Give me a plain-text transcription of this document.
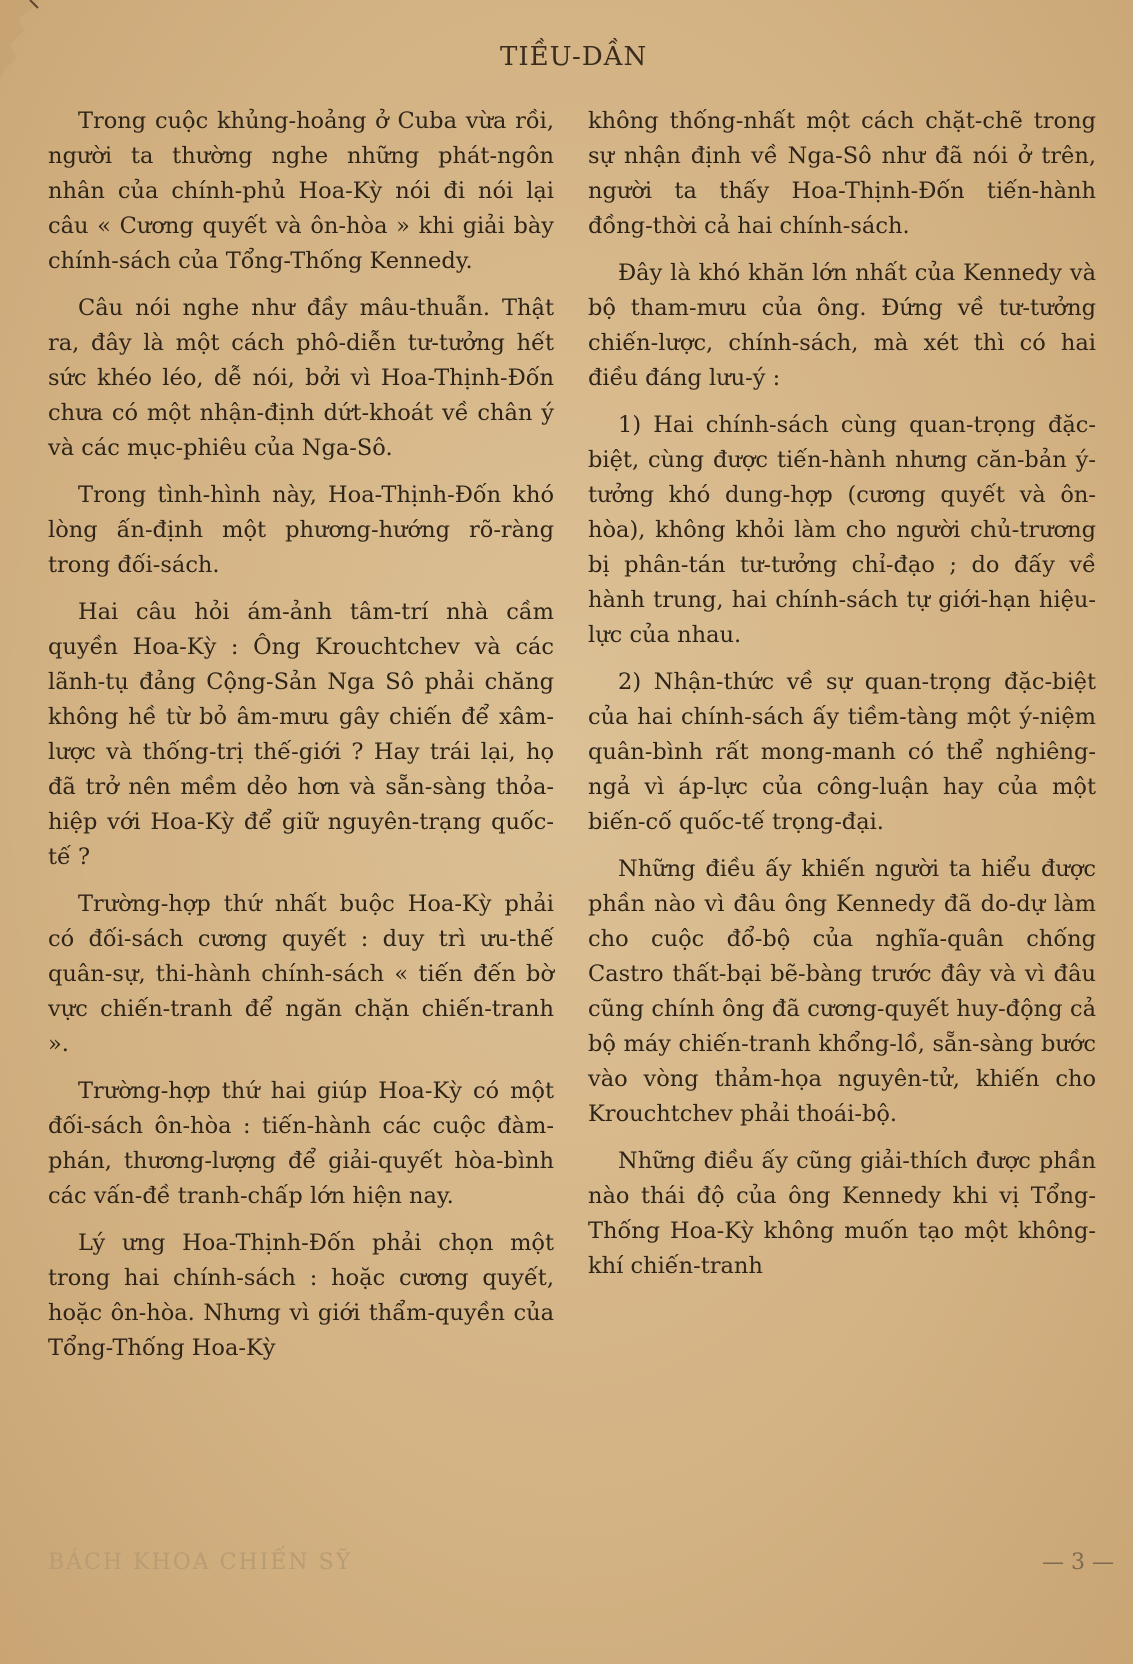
TIỀU-DẦN

Trong cuộc khủng-hoảng ở Cuba vừa rồi, người ta thường nghe những phát-ngôn nhân của chính-phủ Hoa-Kỳ nói đi nói lại câu « Cương quyết và ôn-hòa » khi giải bày chính-sách của Tổng-Thống Kennedy.

Câu nói nghe như đầy mâu-thuẫn. Thật ra, đây là một cách phô-diễn tư-tưởng hết sức khéo léo, dễ nói, bởi vì Hoa-Thịnh-Đốn chưa có một nhận-định dứt-khoát về chân ý và các mục-phiêu của Nga-Sô.

Trong tình-hình này, Hoa-Thịnh-Đốn khó lòng ấn-định một phương-hướng rõ-ràng trong đối-sách.

Hai câu hỏi ám-ảnh tâm-trí nhà cầm quyền Hoa-Kỳ : Ông Krouchtchev và các lãnh-tụ đảng Cộng-Sản Nga Sô phải chăng không hề từ bỏ âm-mưu gây chiến để xâm-lược và thống-trị thế-giới ? Hay trái lại, họ đã trở nên mềm dẻo hơn và sẵn-sàng thỏa-hiệp với Hoa-Kỳ để giữ nguyên-trạng quốc-tế ?

Trường-hợp thứ nhất buộc Hoa-Kỳ phải có đối-sách cương quyết : duy trì ưu-thế quân-sự, thi-hành chính-sách « tiến đến bờ vực chiến-tranh để ngăn chặn chiến-tranh ».

Trường-hợp thứ hai giúp Hoa-Kỳ có một đối-sách ôn-hòa : tiến-hành các cuộc đàm-phán, thương-lượng để giải-quyết hòa-bình các vấn-đề tranh-chấp lớn hiện nay.

Lý ưng Hoa-Thịnh-Đốn phải chọn một trong hai chính-sách : hoặc cương quyết, hoặc ôn-hòa. Nhưng vì giới thẩm-quyền của Tổng-Thống Hoa-Kỳ

không thống-nhất một cách chặt-chẽ trong sự nhận định về Nga-Sô như đã nói ở trên, người ta thấy Hoa-Thịnh-Đốn tiến-hành đồng-thời cả hai chính-sách.

Đây là khó khăn lớn nhất của Kennedy và bộ tham-mưu của ông. Đứng về tư-tưởng chiến-lược, chính-sách, mà xét thì có hai điều đáng lưu-ý :

1) Hai chính-sách cùng quan-trọng đặc-biệt, cùng được tiến-hành nhưng căn-bản ý-tưởng khó dung-hợp (cương quyết và ôn-hòa), không khỏi làm cho người chủ-trương bị phân-tán tư-tưởng chỉ-đạo ; do đấy về hành trung, hai chính-sách tự giới-hạn hiệu-lực của nhau.

2) Nhận-thức về sự quan-trọng đặc-biệt của hai chính-sách ấy tiềm-tàng một ý-niệm quân-bình rất mong-manh có thể nghiêng-ngả vì áp-lực của công-luận hay của một biến-cố quốc-tế trọng-đại.

Những điều ấy khiến người ta hiểu được phần nào vì đâu ông Kennedy đã do-dự làm cho cuộc đổ-bộ của nghĩa-quân chống Castro thất-bại bẽ-bàng trước đây và vì đâu cũng chính ông đã cương-quyết huy-động cả bộ máy chiến-tranh khổng-lồ, sẵn-sàng bước vào vòng thảm-họa nguyên-tử, khiến cho Krouchtchev phải thoái-bộ.

Những điều ấy cũng giải-thích được phần nào thái độ của ông Kennedy khi vị Tổng-Thống Hoa-Kỳ không muốn tạo một không-khí chiến-tranh

BÁCH KHOA CHIẾN SỸ	— 3 —
